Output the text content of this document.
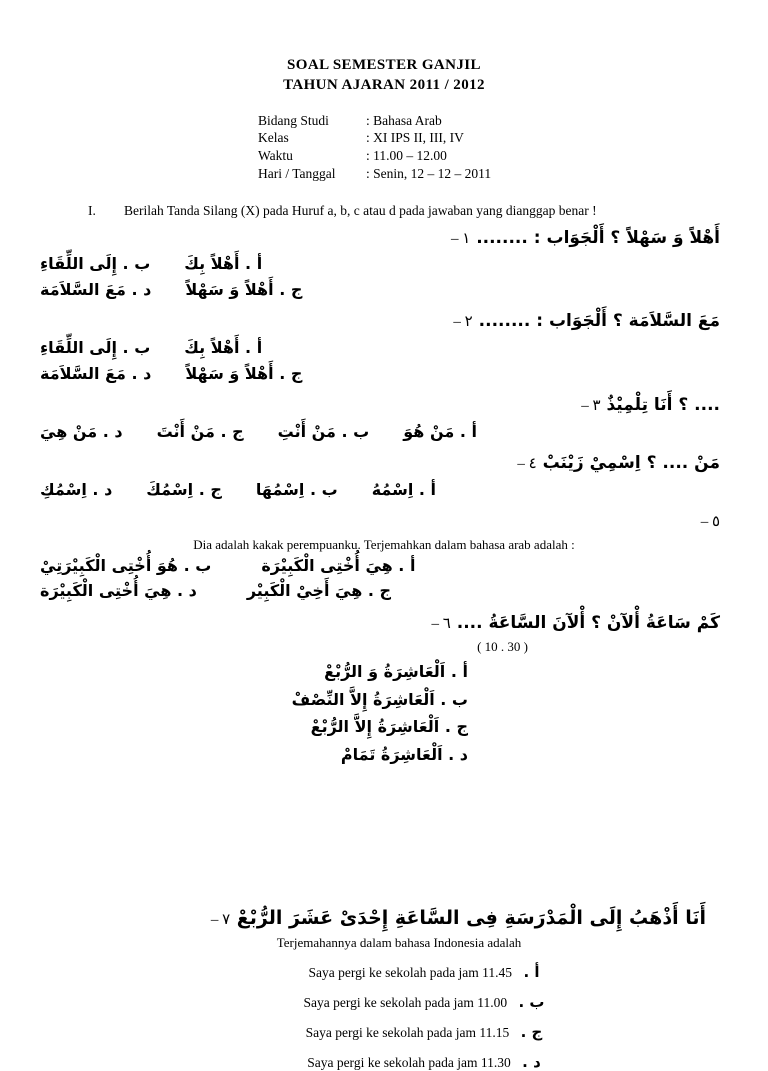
SOAL SEMESTER GANJIL
TAHUN AJARAN 2011 / 2012
Bidang Studi	: Bahasa Arab
Kelas	: XI IPS II, III, IV
Waktu	: 11.00 – 12.00
Hari / Tanggal	: Senin, 12 – 12 – 2011
I. Berilah Tanda Silang (X) pada Huruf a, b, c atau d pada jawaban yang dianggap benar !
أَهْلاً وَ سَهْلاً ؟ أَلْجَوَاب : ........ ١ –
أ . أَهْلاً بِكَ
ب . إِلَى اللِّقَاءِ
ج . أَهْلاً وَ سَهْلاً
د . مَعَ السَّلاَمَة
مَعَ السَّلاَمَة ؟ أَلْجَوَاب : ........ ٢ –
أ . أَهْلاً بِكَ
ب . إِلَى اللِّقَاءِ
ج . أَهْلاً وَ سَهْلاً
د . مَعَ السَّلاَمَة
.... ؟ أَنَا تِلْمِيْذٌ ٣ –
أ . مَنْ هُوَ
ب . مَنْ أَنْتِ
ج . مَنْ أَنْتَ
د . مَنْ هِيَ
مَنْ .... ؟ اِسْمِيْ زَيْنَبْ ٤ –
أ . اِسْمُهُ
ب . اِسْمُهَا
ج . اِسْمُكَ
د . اِسْمُكِ
٥ –
Dia adalah kakak perempuanku. Terjemahkan dalam bahasa arab adalah :
أ . هِيَ أُخْتِى الْكَبِيْرَة
ب . هُوَ أُخْتِى الْكَبِيْرَتِيْ
ج . هِيَ أَخِيْ الْكَبِيْر
د . هِيَ أُخْتِى الْكَبِيْرَة
كَمْ سَاعَةُ أْلآنْ ؟ أْلآنَ السَّاعَةُ .... ٦ –
( 10 . 30 )
أ . اَلْعَاشِرَةُ وَ الرُّبْعْ
ب . اَلْعَاشِرَةُ إِلاَّ النِّصْفْ
ج . اَلْعَاشِرَةُ إِلاَّ الرُّبْعْ
د . اَلْعَاشِرَةُ تَمَامْ
أَنَا أَذْهَبُ إِلَى الْمَدْرَسَةِ فِى السَّاعَةِ إِحْدَىْ عَشَرَ الرُّبْعْ ٧ –
Terjemahannya dalam bahasa Indonesia adalah
أ . Saya pergi ke sekolah pada jam 11.45
ب . Saya pergi ke sekolah pada jam 11.00
ج . Saya pergi ke sekolah pada jam 11.15
د . Saya pergi ke sekolah pada jam 11.30
